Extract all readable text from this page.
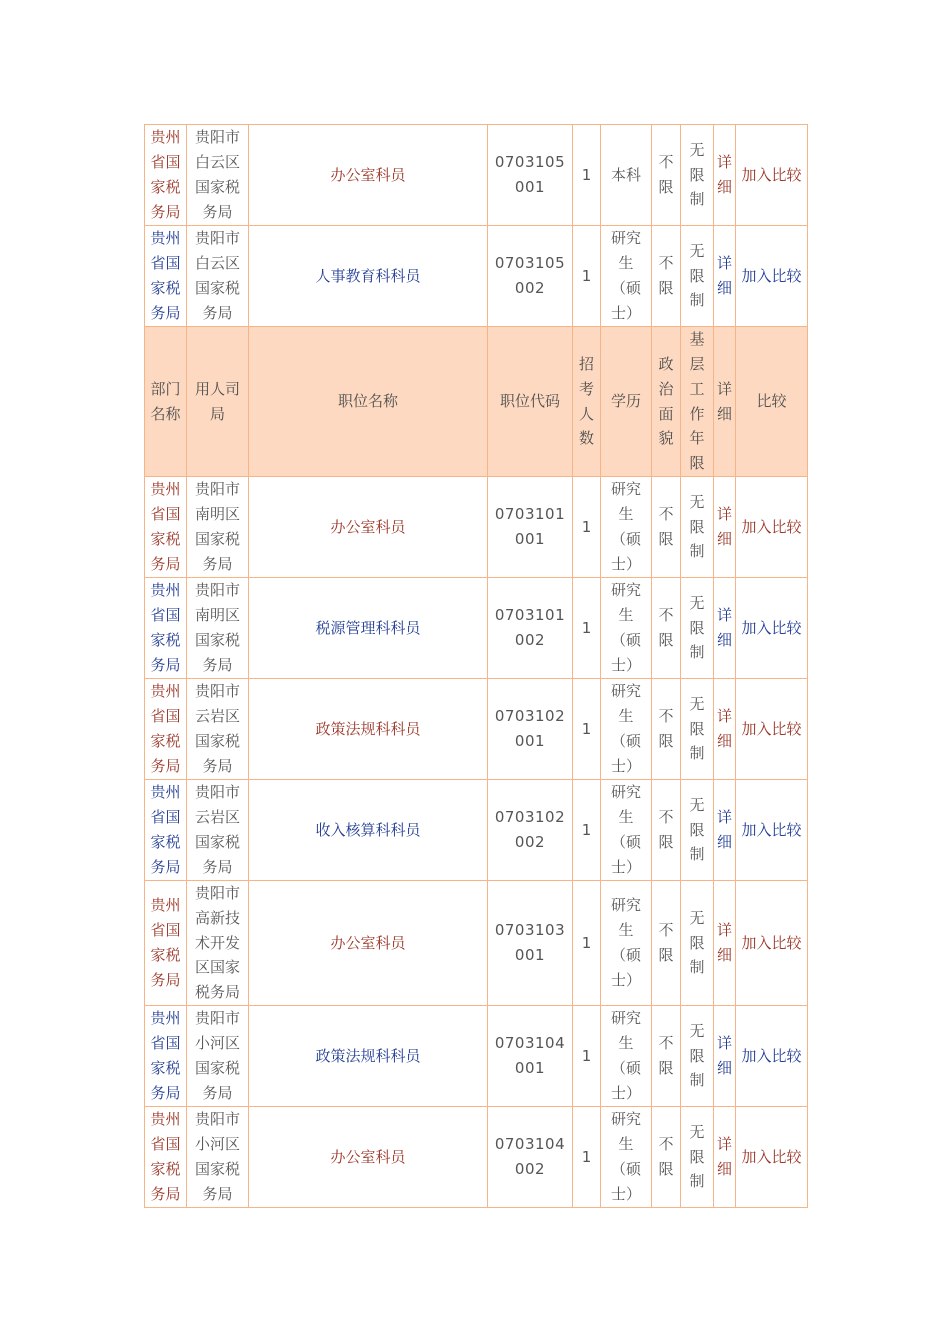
贵州省国家税务局	贵阳市白云区国家税务局	办公室科员	0703105001	1	本科	不限	无限制	详细	加入比较
贵州省国家税务局	贵阳市白云区国家税务局	人事教育科科员	0703105002	1	研究生（硕士）	不限	无限制	详细	加入比较
部门名称	用人司局	职位名称	职位代码	招考人数	学历	政治面貌	基层工作年限	详细	比较
贵州省国家税务局	贵阳市南明区国家税务局	办公室科员	0703101001	1	研究生（硕士）	不限	无限制	详细	加入比较
贵州省国家税务局	贵阳市南明区国家税务局	税源管理科科员	0703101002	1	研究生（硕士）	不限	无限制	详细	加入比较
贵州省国家税务局	贵阳市云岩区国家税务局	政策法规科科员	0703102001	1	研究生（硕士）	不限	无限制	详细	加入比较
贵州省国家税务局	贵阳市云岩区国家税务局	收入核算科科员	0703102002	1	研究生（硕士）	不限	无限制	详细	加入比较
贵州省国家税务局	贵阳市高新技术开发区国家税务局	办公室科员	0703103001	1	研究生（硕士）	不限	无限制	详细	加入比较
贵州省国家税务局	贵阳市小河区国家税务局	政策法规科科员	0703104001	1	研究生（硕士）	不限	无限制	详细	加入比较
贵州省国家税务局	贵阳市小河区国家税务局	办公室科员	0703104002	1	研究生（硕士）	不限	无限制	详细	加入比较
